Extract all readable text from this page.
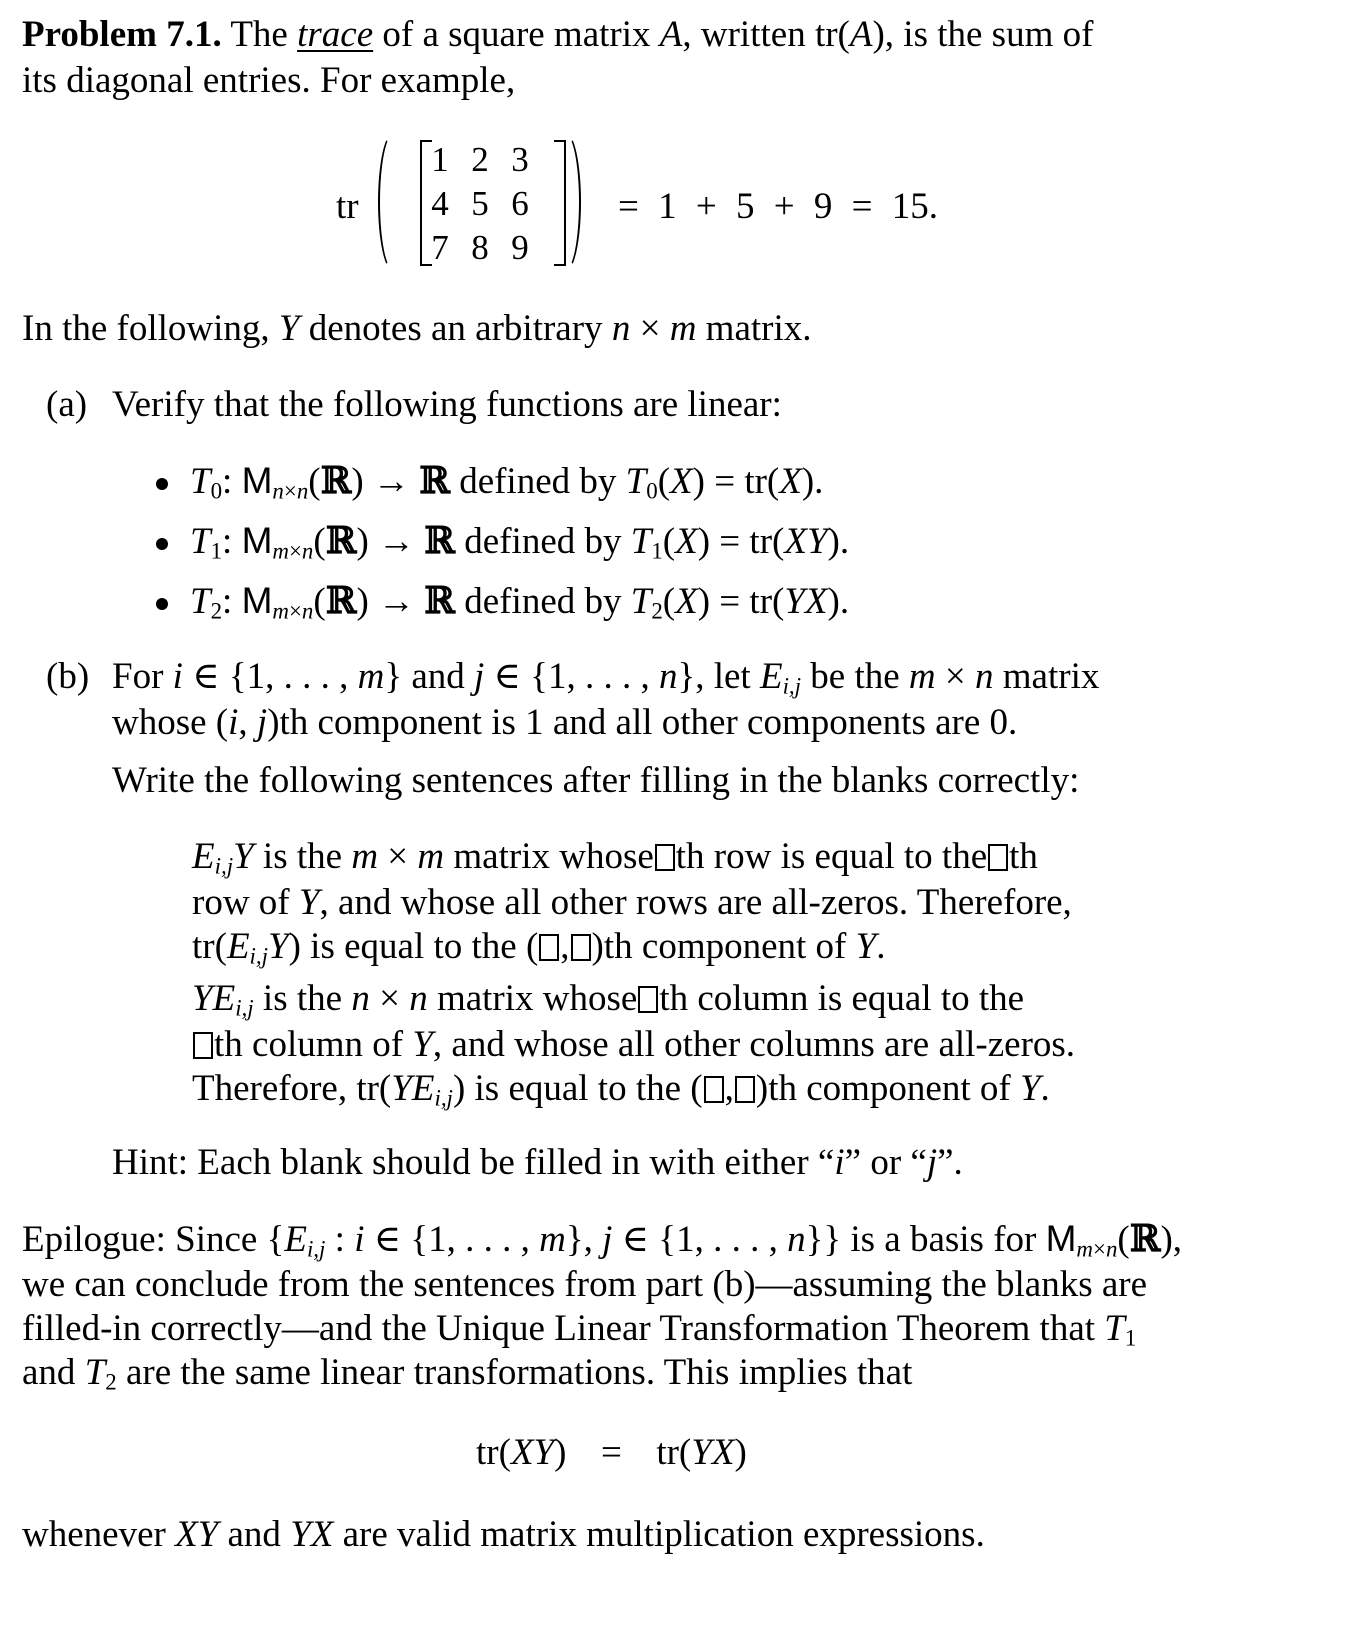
Problem 7.1. The trace of a square matrix A, written tr(A), is the sum of
its diagonal entries. For example,
tr
1 2 3
4 5 6
7 8 9
= 1 + 5 + 9 = 15.
In the following, Y denotes an arbitrary n × m matrix.
(a) Verify that the following functions are linear:
$T_0$: $M_{n\times n}(ℝ)$ → ℝ defined by $T_0(X) = tr(X)$.
$T_1$: $M_{m\times n}(ℝ)$ → ℝ defined by $T_1(X) = tr(XY)$.
$T_2$: $M_{m\times n}(ℝ)$ → ℝ defined by $T_2(X) = tr(YX)$.
(b) For i ∈ {1, . . . , m} and j ∈ {1, . . . , n}, let $E_{i,j}$ be the m × n matrix
whose (i, j)th component is 1 and all other components are 0.
Write the following sentences after filling in the blanks correctly:
$E_{i,j}Y$ is the m × m matrix whose th row is equal to the th
row of Y, and whose all other rows are all-zeros. Therefore,
$tr(E_{i,j}Y)$ is equal to the ( , )th component of Y.
$YE_{i,j}$ is the n × n matrix whose th column is equal to the
th column of Y, and whose all other columns are all-zeros.
Therefore, $tr(YE_{i,j})$ is equal to the ( , )th component of Y.
Hint: Each blank should be filled in with either “i” or “j”.
Epilogue: Since {$E_{i,j}$ : i ∈ {1, . . . , m}, j ∈ {1, . . . , n}} is a basis for $M_{m\times n}(ℝ)$,
we can conclude from the sentences from part (b)—assuming the blanks are
filled-in correctly—and the Unique Linear Transformation Theorem that $T_1$
and $T_2$ are the same linear transformations. This implies that
tr(XY)  =  tr(YX)
whenever XY and YX are valid matrix multiplication expressions.
